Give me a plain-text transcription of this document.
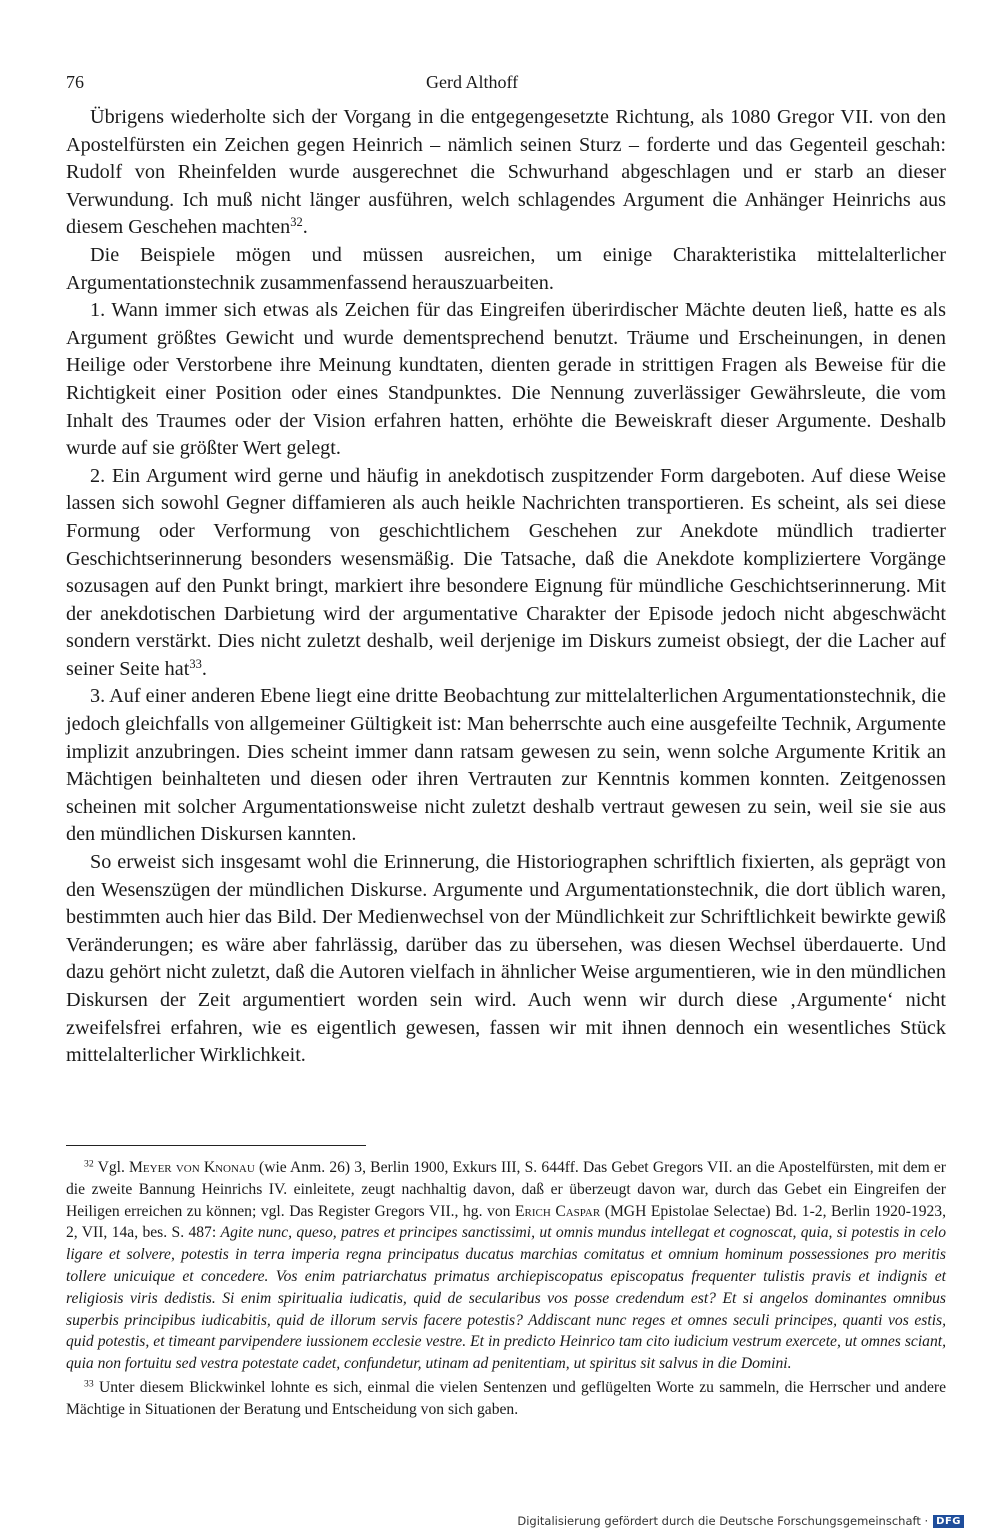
76	Gerd Althoff

Übrigens wiederholte sich der Vorgang in die entgegengesetzte Richtung, als 1080 Gregor VII. von den Apostelfürsten ein Zeichen gegen Heinrich – nämlich seinen Sturz – forderte und das Gegenteil geschah: Rudolf von Rheinfelden wurde ausgerechnet die Schwurhand abgeschlagen und er starb an dieser Verwundung. Ich muß nicht länger ausführen, welch schlagendes Argument die Anhänger Heinrichs aus diesem Geschehen machten$^{32}$.

Die Beispiele mögen und müssen ausreichen, um einige Charakteristika mittelalterlicher Argumentationstechnik zusammenfassend herauszuarbeiten.

1. Wann immer sich etwas als Zeichen für das Eingreifen überirdischer Mächte deuten ließ, hatte es als Argument größtes Gewicht und wurde dementsprechend benutzt. Träume und Erscheinungen, in denen Heilige oder Verstorbene ihre Meinung kundtaten, dienten gerade in strittigen Fragen als Beweise für die Richtigkeit einer Position oder eines Standpunktes. Die Nennung zuverlässiger Gewährsleute, die vom Inhalt des Traumes oder der Vision erfahren hatten, erhöhte die Beweiskraft dieser Argumente. Deshalb wurde auf sie größter Wert gelegt.

2. Ein Argument wird gerne und häufig in anekdotisch zuspitzender Form dargeboten. Auf diese Weise lassen sich sowohl Gegner diffamieren als auch heikle Nachrichten transportieren. Es scheint, als sei diese Formung oder Verformung von geschichtlichem Geschehen zur Anekdote mündlich tradierter Geschichtserinnerung besonders wesensmäßig. Die Tatsache, daß die Anekdote kompliziertere Vorgänge sozusagen auf den Punkt bringt, markiert ihre besondere Eignung für mündliche Geschichtserinnerung. Mit der anekdotischen Darbietung wird der argumentative Charakter der Episode jedoch nicht abgeschwächt sondern verstärkt. Dies nicht zuletzt deshalb, weil derjenige im Diskurs zumeist obsiegt, der die Lacher auf seiner Seite hat$^{33}$.

3. Auf einer anderen Ebene liegt eine dritte Beobachtung zur mittelalterlichen Argumentationstechnik, die jedoch gleichfalls von allgemeiner Gültigkeit ist: Man beherrschte auch eine ausgefeilte Technik, Argumente implizit anzubringen. Dies scheint immer dann ratsam gewesen zu sein, wenn solche Argumente Kritik an Mächtigen beinhalteten und diesen oder ihren Vertrauten zur Kenntnis kommen konnten. Zeitgenossen scheinen mit solcher Argumentationsweise nicht zuletzt deshalb vertraut gewesen zu sein, weil sie sie aus den mündlichen Diskursen kannten.

So erweist sich insgesamt wohl die Erinnerung, die Historiographen schriftlich fixierten, als geprägt von den Wesenszügen der mündlichen Diskurse. Argumente und Argumentationstechnik, die dort üblich waren, bestimmten auch hier das Bild. Der Medienwechsel von der Mündlichkeit zur Schriftlichkeit bewirkte gewiß Veränderungen; es wäre aber fahrlässig, darüber das zu übersehen, was diesen Wechsel überdauerte. Und dazu gehört nicht zuletzt, daß die Autoren vielfach in ähnlicher Weise argumentieren, wie in den mündlichen Diskursen der Zeit argumentiert worden sein wird. Auch wenn wir durch diese ‚Argumente‘ nicht zweifelsfrei erfahren, wie es eigentlich gewesen, fassen wir mit ihnen dennoch ein wesentliches Stück mittelalterlicher Wirklichkeit.

$^{32}$ Vgl. Meyer von Knonau (wie Anm. 26) 3, Berlin 1900, Exkurs III, S. 644ff. Das Gebet Gregors VII. an die Apostelfürsten, mit dem er die zweite Bannung Heinrichs IV. einleitete, zeugt nachhaltig davon, daß er überzeugt davon war, durch das Gebet ein Eingreifen der Heiligen erreichen zu können; vgl. Das Register Gregors VII., hg. von Erich Caspar (MGH Epistolae Selectae) Bd. 1-2, Berlin 1920-1923, 2, VII, 14a, bes. S. 487: Agite nunc, queso, patres et principes sanctissimi, ut omnis mundus intellegat et cognoscat, quia, si potestis in celo ligare et solvere, potestis in terra imperia regna principatus ducatus marchias comitatus et omnium hominum possessiones pro meritis tollere unicuique et concedere. Vos enim patriarchatus primatus archiepiscopatus episcopatus frequenter tulistis pravis et indignis et religiosis viris dedistis. Si enim spiritualia iudicatis, quid de secularibus vos posse credendum est? Et si angelos dominantes omnibus superbis principibus iudicabitis, quid de illorum servis facere potestis? Addiscant nunc reges et omnes seculi principes, quanti vos estis, quid potestis, et timeant parvipendere iussionem ecclesie vestre. Et in predicto Heinrico tam cito iudicium vestrum exercete, ut omnes sciant, quia non fortuitu sed vestra potestate cadet, confundetur, utinam ad penitentiam, ut spiritus sit salvus in die Domini.

$^{33}$ Unter diesem Blickwinkel lohnte es sich, einmal die vielen Sentenzen und geflügelten Worte zu sammeln, die Herrscher und andere Mächtige in Situationen der Beratung und Entscheidung von sich gaben.

Digitalisierung gefördert durch die Deutsche Forschungsgemeinschaft · DFG
